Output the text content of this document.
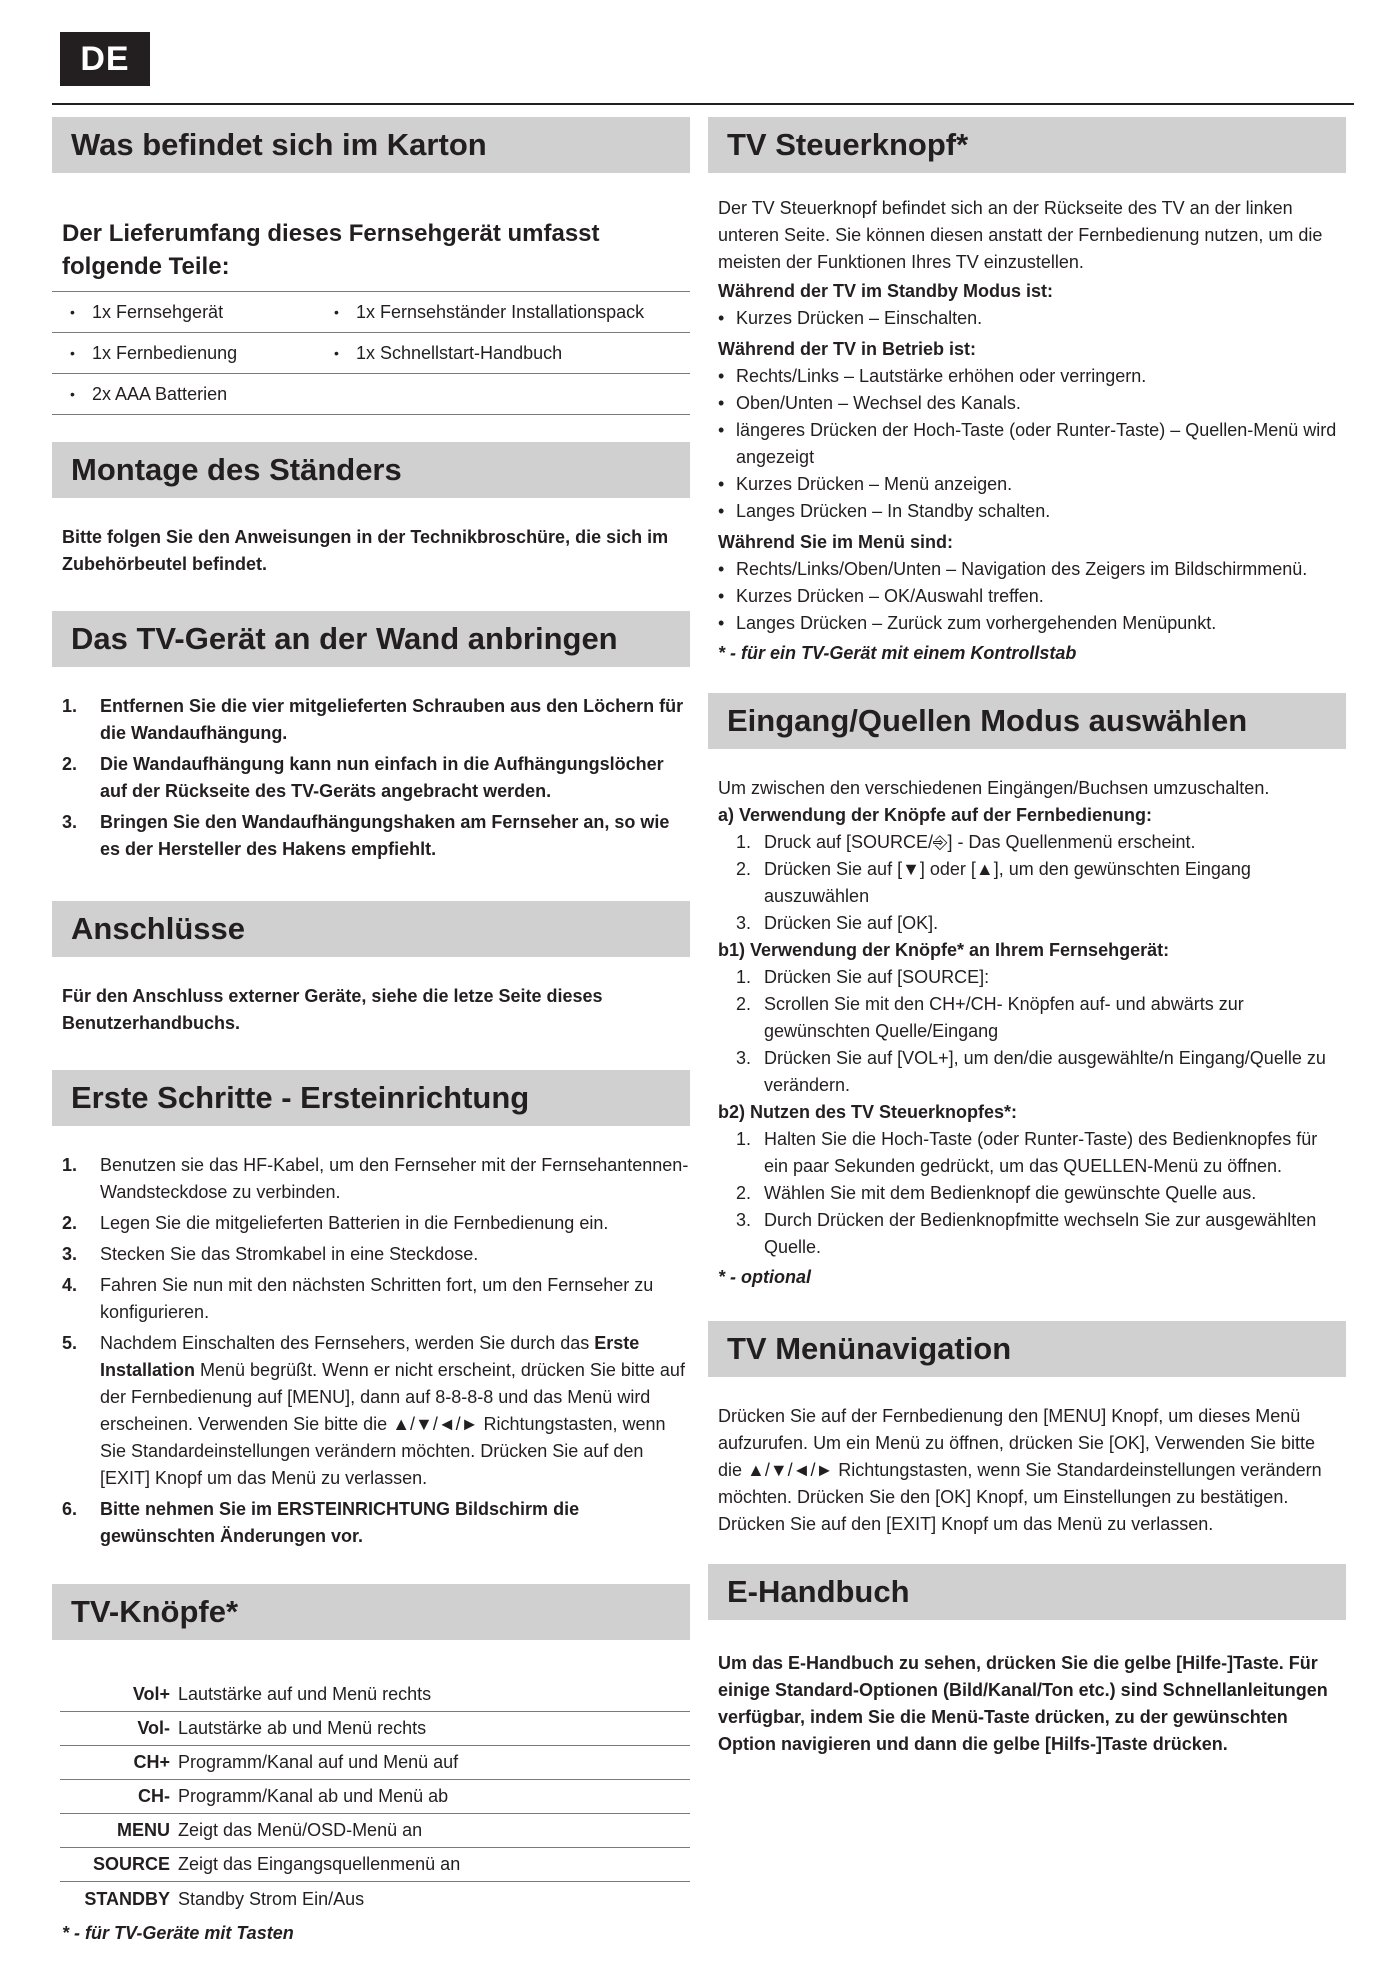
DE
Was befindet sich im Karton
Der Lieferumfang dieses Fernsehgerät umfasst folgende Teile:
• 1x Fernsehgerät	• 1x Fernsehständer Installationspack
• 1x Fernbedienung	• 1x Schnellstart-Handbuch
• 2x AAA Batterien
Montage des Ständers
Bitte folgen Sie den Anweisungen in der Technikbroschüre, die sich im Zubehörbeutel befindet.
Das TV-Gerät an der Wand anbringen
1.	Entfernen Sie die vier mitgelieferten Schrauben aus den Löchern für die Wandaufhängung.
2.	Die Wandaufhängung kann nun einfach in die Aufhängungslöcher auf der Rückseite des TV-Geräts angebracht werden.
3.	Bringen Sie den Wandaufhängungshaken am Fernseher an, so wie es der Hersteller des Hakens empfiehlt.
Anschlüsse
Für den Anschluss externer Geräte, siehe die letze Seite dieses Benutzerhandbuchs.
Erste Schritte - Ersteinrichtung
1.	Benutzen sie das HF-Kabel, um den Fernseher mit der Fernsehantennen-Wandsteckdose zu verbinden.
2.	Legen Sie die mitgelieferten Batterien in die Fernbedienung ein.
3.	Stecken Sie das Stromkabel in eine Steckdose.
4.	Fahren Sie nun mit den nächsten Schritten fort, um den Fernseher zu konfigurieren.
5.	Nachdem Einschalten des Fernsehers, werden Sie durch das Erste Installation Menü begrüßt. Wenn er nicht erscheint, drücken Sie bitte auf der Fernbedienung auf [MENU], dann auf 8-8-8-8 und das Menü wird erscheinen. Verwenden Sie bitte die ▲/▼/◄/► Richtungstasten, wenn Sie Standardeinstellungen verändern möchten. Drücken Sie auf den [EXIT] Knopf um das Menü zu verlassen.
6.	Bitte nehmen Sie im ERSTEINRICHTUNG Bildschirm die gewünschten Änderungen vor.
TV-Knöpfe*
Vol+ Lautstärke auf und Menü rechts
Vol- Lautstärke ab und Menü rechts
CH+ Programm/Kanal auf und Menü auf
CH- Programm/Kanal ab und Menü ab
MENU Zeigt das Menü/OSD-Menü an
SOURCE Zeigt das Eingangsquellenmenü an
STANDBY Standby Strom Ein/Aus
* - für TV-Geräte mit Tasten
TV Steuerknopf*
Der TV Steuerknopf befindet sich an der Rückseite des TV an der linken unteren Seite. Sie können diesen anstatt der Fernbedienung nutzen, um die meisten der Funktionen Ihres TV einzustellen.
Während der TV im Standby Modus ist:
• Kurzes Drücken – Einschalten.
Während der TV in Betrieb ist:
• Rechts/Links – Lautstärke erhöhen oder verringern.
• Oben/Unten – Wechsel des Kanals.
• längeres Drücken der Hoch-Taste (oder Runter-Taste) – Quellen-Menü wird angezeigt
• Kurzes Drücken – Menü anzeigen.
• Langes Drücken – In Standby schalten.
Während Sie im Menü sind:
• Rechts/Links/Oben/Unten – Navigation des Zeigers im Bildschirmmenü.
• Kurzes Drücken – OK/Auswahl treffen.
• Langes Drücken – Zurück zum vorhergehenden Menüpunkt.
* - für ein TV-Gerät mit einem Kontrollstab
Eingang/Quellen Modus auswählen
Um zwischen den verschiedenen Eingängen/Buchsen umzuschalten.
a) Verwendung der Knöpfe auf der Fernbedienung:
1. Druck auf [SOURCE/⎆] - Das Quellenmenü erscheint.
2. Drücken Sie auf [▼] oder [▲], um den gewünschten Eingang auszuwählen
3. Drücken Sie auf [OK].
b1) Verwendung der Knöpfe* an Ihrem Fernsehgerät:
1. Drücken Sie auf [SOURCE]:
2. Scrollen Sie mit den CH+/CH- Knöpfen auf- und abwärts zur gewünschten Quelle/Eingang
3. Drücken Sie auf [VOL+], um den/die ausgewählte/n Eingang/Quelle zu verändern.
b2) Nutzen des TV Steuerknopfes*:
1. Halten Sie die Hoch-Taste (oder Runter-Taste) des Bedienknopfes für ein paar Sekunden gedrückt, um das QUELLEN-Menü zu öffnen.
2. Wählen Sie mit dem Bedienknopf die gewünschte Quelle aus.
3. Durch Drücken der Bedienknopfmitte wechseln Sie zur ausgewählten Quelle.
* - optional
TV Menünavigation
Drücken Sie auf der Fernbedienung den [MENU] Knopf, um dieses Menü aufzurufen. Um ein Menü zu öffnen, drücken Sie [OK], Verwenden Sie bitte die ▲/▼/◄/► Richtungstasten, wenn Sie Standardeinstellungen verändern möchten. Drücken Sie den [OK] Knopf, um Einstellungen zu bestätigen. Drücken Sie auf den [EXIT] Knopf um das Menü zu verlassen.
E-Handbuch
Um das E-Handbuch zu sehen, drücken Sie die gelbe [Hilfe-]Taste. Für einige Standard-Optionen (Bild/Kanal/Ton etc.) sind Schnellanleitungen verfügbar, indem Sie die Menü-Taste drücken, zu der gewünschten Option navigieren und dann die gelbe [Hilfs-]Taste drücken.
